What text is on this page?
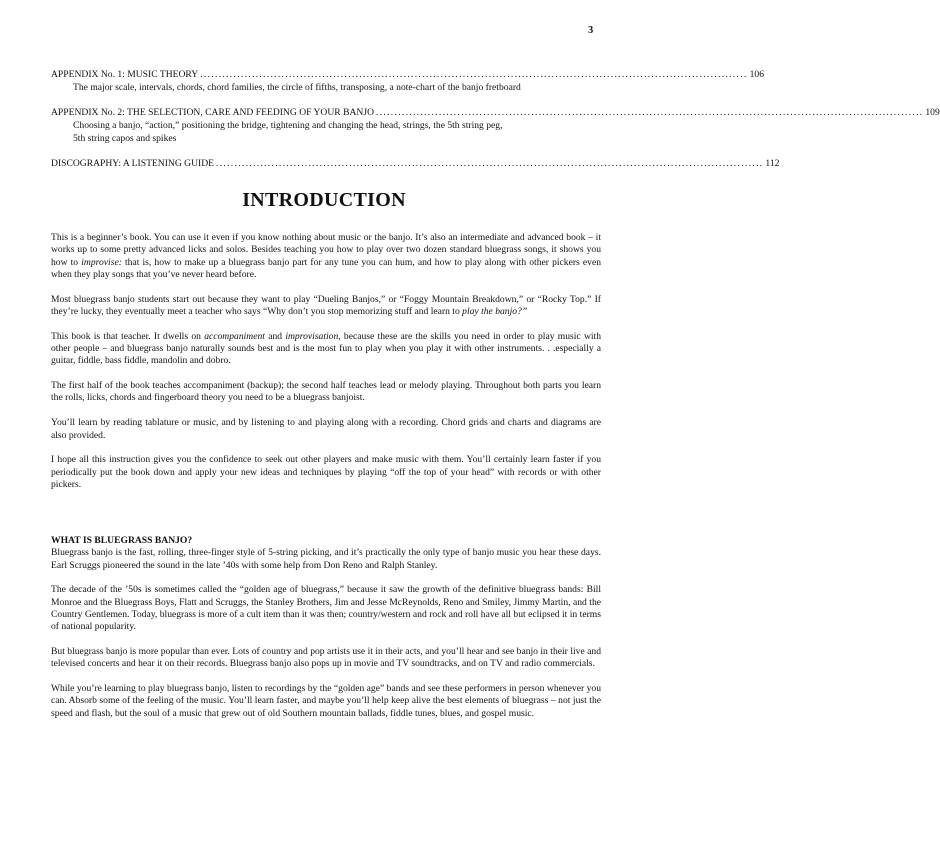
3
APPENDIX No. 1: MUSIC THEORY .................................................................................................................................................... 106
The major scale, intervals, chords, chord families, the circle of fifths, transposing, a note-chart of the banjo fretboard
APPENDIX No. 2: THE SELECTION, CARE AND FEEDING OF YOUR BANJO .................................................................................................................................................... 109
Choosing a banjo, “action,” positioning the bridge, tightening and changing the head, strings, the 5th string peg,
5th string capos and spikes
DISCOGRAPHY: A LISTENING GUIDE .................................................................................................................................................... 112
INTRODUCTION

This is a beginner’s book. You can use it even if you know nothing about music or the banjo. It’s also an intermediate and advanced book – it works up to some pretty advanced licks and solos. Besides teaching you how to play over two dozen standard bluegrass songs, it shows you how to improvise: that is, how to make up a bluegrass banjo part for any tune you can hum, and how to play along with other pickers even when they play songs that you’ve never heard before.

Most bluegrass banjo students start out because they want to play “Dueling Banjos,” or “Foggy Mountain Breakdown,” or “Rocky Top.” If they’re lucky, they eventually meet a teacher who says “Why don’t you stop memorizing stuff and learn to play the banjo?”

This book is that teacher. It dwells on accompaniment and improvisation, because these are the skills you need in order to play music with other people – and bluegrass banjo naturally sounds best and is the most fun to play when you play it with other instruments. . .especially a guitar, fiddle, bass fiddle, mandolin and dobro.

The first half of the book teaches accompaniment (backup); the second half teaches lead or melody playing. Throughout both parts you learn the rolls, licks, chords and fingerboard theory you need to be a bluegrass banjoist.

You’ll learn by reading tablature or music, and by listening to and playing along with a recording. Chord grids and charts and diagrams are also provided.

I hope all this instruction gives you the confidence to seek out other players and make music with them. You’ll certainly learn faster if you periodically put the book down and apply your new ideas and techniques by playing “off the top of your head” with records or with other pickers.

WHAT IS BLUEGRASS BANJO?

Bluegrass banjo is the fast, rolling, three-finger style of 5-string picking, and it’s practically the only type of banjo music you hear these days. Earl Scruggs pioneered the sound in the late ’40s with some help from Don Reno and Ralph Stanley.

The decade of the ’50s is sometimes called the “golden age of bluegrass,” because it saw the growth of the definitive bluegrass bands: Bill Monroe and the Bluegrass Boys, Flatt and Scruggs, the Stanley Brothers, Jim and Jesse McReynolds, Reno and Smiley, Jimmy Martin, and the Country Gentlemen. Today, bluegrass is more of a cult item than it was then; country/western and rock and roll have all but eclipsed it in terms of national popularity.

But bluegrass banjo is more popular than ever. Lots of country and pop artists use it in their acts, and you’ll hear and see banjo in their live and televised concerts and hear it on their records. Bluegrass banjo also pops up in movie and TV soundtracks, and on TV and radio commercials.

While you’re learning to play bluegrass banjo, listen to recordings by the “golden age” bands and see these performers in person whenever you can. Absorb some of the feeling of the music. You’ll learn faster, and maybe you’ll help keep alive the best elements of bluegrass – not just the speed and flash, but the soul of a music that grew out of old Southern mountain ballads, fiddle tunes, blues, and gospel music.
